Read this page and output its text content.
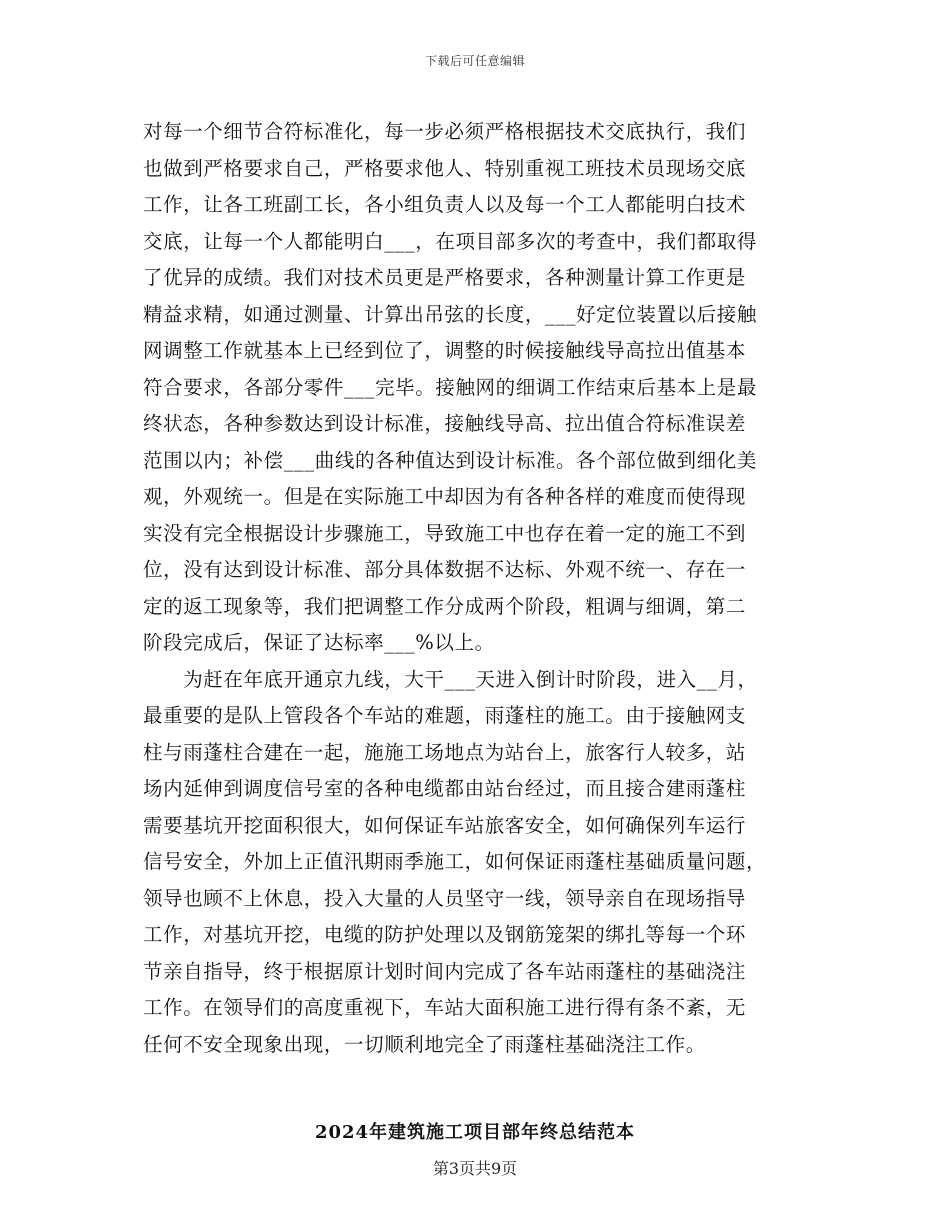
下载后可任意编辑
对每一个细节合符标准化，每一步必须严格根据技术交底执行，我们
也做到严格要求自己，严格要求他人、特别重视工班技术员现场交底
工作，让各工班副工长，各小组负责人以及每一个工人都能明白技术
交底，让每一个人都能明白___，在项目部多次的考查中，我们都取得
了优异的成绩。我们对技术员更是严格要求，各种测量计算工作更是
精益求精，如通过测量、计算出吊弦的长度，___好定位装置以后接触
网调整工作就基本上已经到位了，调整的时候接触线导高拉出值基本
符合要求，各部分零件___完毕。接触网的细调工作结束后基本上是最
终状态，各种参数达到设计标准，接触线导高、拉出值合符标准误差
范围以内；补偿___曲线的各种值达到设计标准。各个部位做到细化美
观，外观统一。但是在实际施工中却因为有各种各样的难度而使得现
实没有完全根据设计步骤施工，导致施工中也存在着一定的施工不到
位，没有达到设计标准、部分具体数据不达标、外观不统一、存在一
定的返工现象等，我们把调整工作分成两个阶段，粗调与细调，第二
阶段完成后，保证了达标率___%以上。
　　为赶在年底开通京九线，大干___天进入倒计时阶段，进入__月，
最重要的是队上管段各个车站的难题，雨蓬柱的施工。由于接触网支
柱与雨蓬柱合建在一起，施施工场地点为站台上，旅客行人较多，站
场内延伸到调度信号室的各种电缆都由站台经过，而且接合建雨蓬柱
需要基坑开挖面积很大，如何保证车站旅客安全，如何确保列车运行
信号安全，外加上正值汛期雨季施工，如何保证雨蓬柱基础质量问题，
领导也顾不上休息，投入大量的人员坚守一线，领导亲自在现场指导
工作，对基坑开挖，电缆的防护处理以及钢筋笼架的绑扎等每一个环
节亲自指导，终于根据原计划时间内完成了各车站雨蓬柱的基础浇注
工作。在领导们的高度重视下，车站大面积施工进行得有条不紊，无
任何不安全现象出现，一切顺利地完全了雨蓬柱基础浇注工作。
2024年建筑施工项目部年终总结范本
第3页共9页
